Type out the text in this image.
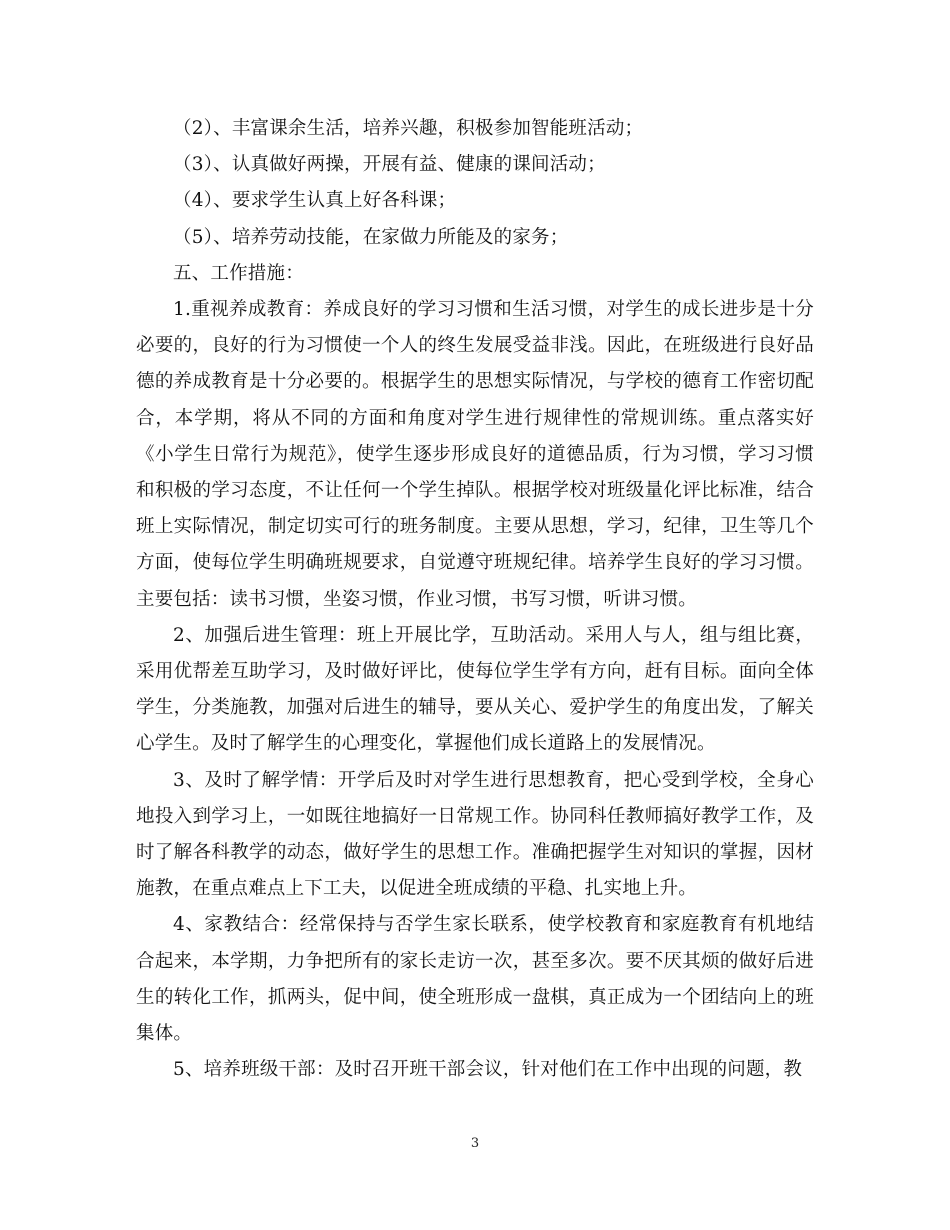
（2）、丰富课余生活，培养兴趣，积极参加智能班活动；

（3）、认真做好两操，开展有益、健康的课间活动；

（4）、要求学生认真上好各科课；

（5）、培养劳动技能，在家做力所能及的家务；

五、工作措施：

1.重视养成教育：养成良好的学习习惯和生活习惯，对学生的成长进步是十分必要的，良好的行为习惯使一个人的终生发展受益非浅。因此，在班级进行良好品德的养成教育是十分必要的。根据学生的思想实际情况，与学校的德育工作密切配合，本学期，将从不同的方面和角度对学生进行规律性的常规训练。重点落实好《小学生日常行为规范》，使学生逐步形成良好的道德品质，行为习惯，学习习惯和积极的学习态度，不让任何一个学生掉队。根据学校对班级量化评比标准，结合班上实际情况，制定切实可行的班务制度。主要从思想，学习，纪律，卫生等几个方面，使每位学生明确班规要求，自觉遵守班规纪律。培养学生良好的学习习惯。主要包括：读书习惯，坐姿习惯，作业习惯，书写习惯，听讲习惯。

2、加强后进生管理：班上开展比学，互助活动。采用人与人，组与组比赛，采用优帮差互助学习，及时做好评比，使每位学生学有方向，赶有目标。面向全体学生，分类施教，加强对后进生的辅导，要从关心、爱护学生的角度出发，了解关心学生。及时了解学生的心理变化，掌握他们成长道路上的发展情况。

3、及时了解学情：开学后及时对学生进行思想教育，把心受到学校，全身心地投入到学习上，一如既往地搞好一日常规工作。协同科任教师搞好教学工作，及时了解各科教学的动态，做好学生的思想工作。准确把握学生对知识的掌握，因材施教，在重点难点上下工夫，以促进全班成绩的平稳、扎实地上升。

4、家教结合：经常保持与否学生家长联系，使学校教育和家庭教育有机地结合起来，本学期，力争把所有的家长走访一次，甚至多次。要不厌其烦的做好后进生的转化工作，抓两头，促中间，使全班形成一盘棋，真正成为一个团结向上的班集体。

5、培养班级干部：及时召开班干部会议，针对他们在工作中出现的问题，教

3
